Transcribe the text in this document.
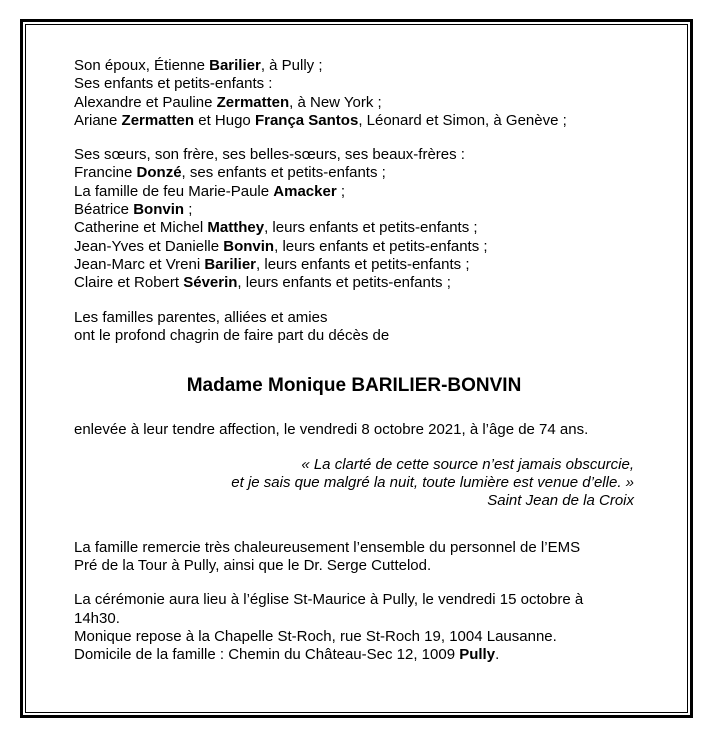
Son époux, Étienne Barilier, à Pully ;
Ses enfants et petits-enfants :
Alexandre et Pauline Zermatten, à New York ;
Ariane Zermatten et Hugo França Santos, Léonard et Simon, à Genève ;
Ses sœurs, son frère, ses belles-sœurs, ses beaux-frères :
Francine Donzé, ses enfants et petits-enfants ;
La famille de feu Marie-Paule Amacker ;
Béatrice Bonvin ;
Catherine et Michel Matthey, leurs enfants et petits-enfants ;
Jean-Yves et Danielle Bonvin, leurs enfants et petits-enfants ;
Jean-Marc et Vreni Barilier, leurs enfants et petits-enfants ;
Claire et Robert Séverin, leurs enfants et petits-enfants ;
Les familles parentes, alliées et amies
ont le profond chagrin de faire part du décès de
Madame Monique BARILIER-BONVIN
enlevée à leur tendre affection, le vendredi 8 octobre 2021, à l’âge de 74 ans.
« La clarté de cette source n’est jamais obscurcie,
et je sais que malgré la nuit, toute lumière est venue d’elle. »
Saint Jean de la Croix
La famille remercie très chaleureusement l’ensemble du personnel de l’EMS
Pré de la Tour à Pully, ainsi que le Dr. Serge Cuttelod.
La cérémonie aura lieu à l’église St-Maurice à Pully, le vendredi 15 octobre à
14h30.
Monique repose à la Chapelle St-Roch, rue St-Roch 19, 1004 Lausanne.
Domicile de la famille : Chemin du Château-Sec 12, 1009 Pully.
